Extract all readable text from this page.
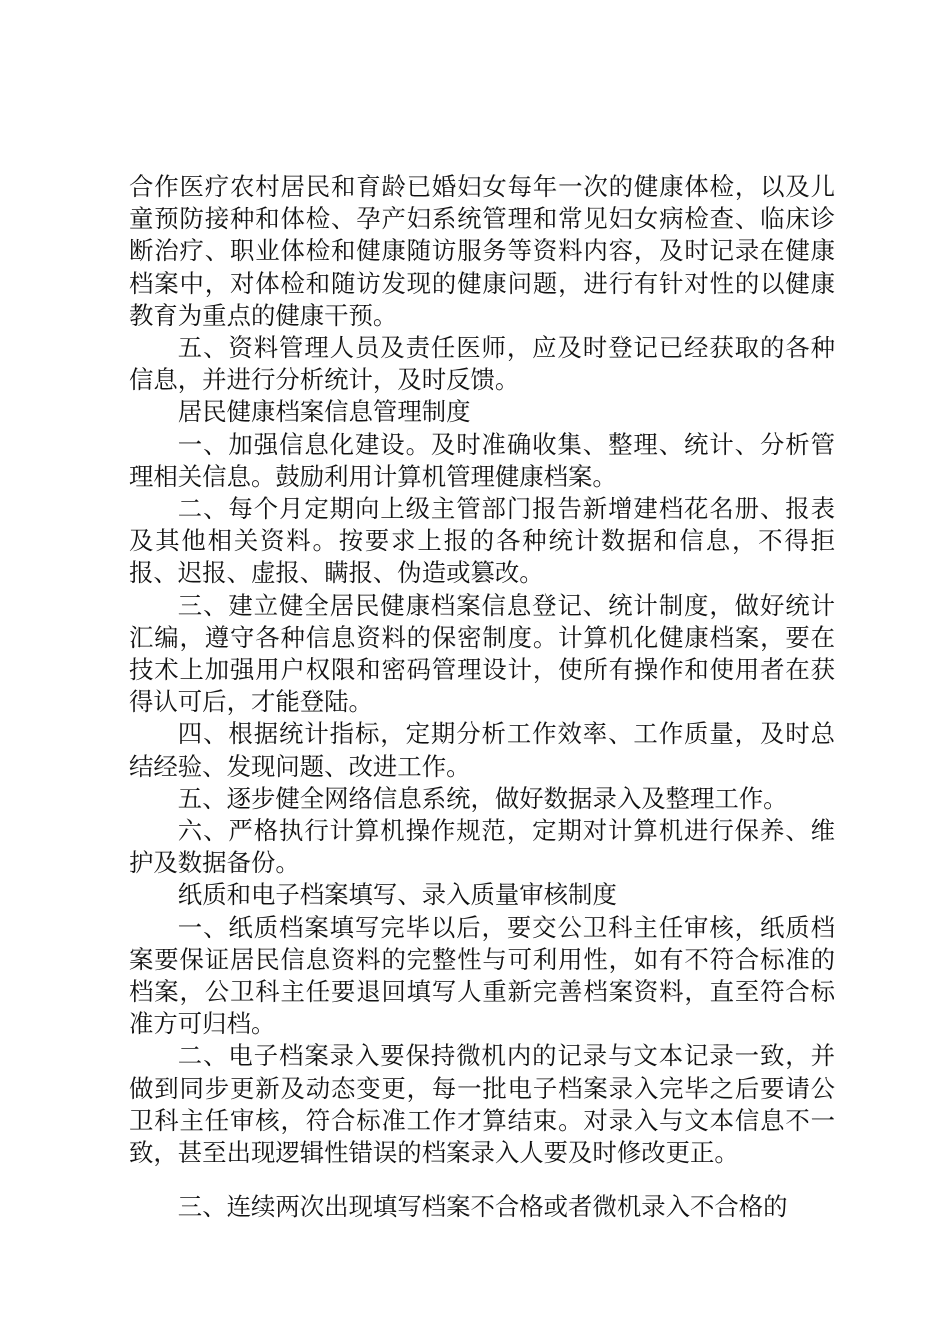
合作医疗农村居民和育龄已婚妇女每年一次的健康体检，以及儿童预防接种和体检、孕产妇系统管理和常见妇女病检查、临床诊断治疗、职业体检和健康随访服务等资料内容，及时记录在健康档案中，对体检和随访发现的健康问题，进行有针对性的以健康教育为重点的健康干预。

五、资料管理人员及责任医师，应及时登记已经获取的各种信息，并进行分析统计，及时反馈。

居民健康档案信息管理制度

一、加强信息化建设。及时准确收集、整理、统计、分析管理相关信息。鼓励利用计算机管理健康档案。

二、每个月定期向上级主管部门报告新增建档花名册、报表及其他相关资料。按要求上报的各种统计数据和信息，不得拒报、迟报、虚报、瞒报、伪造或篡改。

三、建立健全居民健康档案信息登记、统计制度，做好统计汇编，遵守各种信息资料的保密制度。计算机化健康档案，要在技术上加强用户权限和密码管理设计，使所有操作和使用者在获得认可后，才能登陆。

四、根据统计指标，定期分析工作效率、工作质量，及时总结经验、发现问题、改进工作。

五、逐步健全网络信息系统，做好数据录入及整理工作。

六、严格执行计算机操作规范，定期对计算机进行保养、维护及数据备份。

纸质和电子档案填写、录入质量审核制度

一、纸质档案填写完毕以后，要交公卫科主任审核，纸质档案要保证居民信息资料的完整性与可利用性，如有不符合标准的档案，公卫科主任要退回填写人重新完善档案资料，直至符合标准方可归档。

二、电子档案录入要保持微机内的记录与文本记录一致，并做到同步更新及动态变更，每一批电子档案录入完毕之后要请公卫科主任审核，符合标准工作才算结束。对录入与文本信息不一致，甚至出现逻辑性错误的档案录入人要及时修改更正。

三、连续两次出现填写档案不合格或者微机录入不合格的
